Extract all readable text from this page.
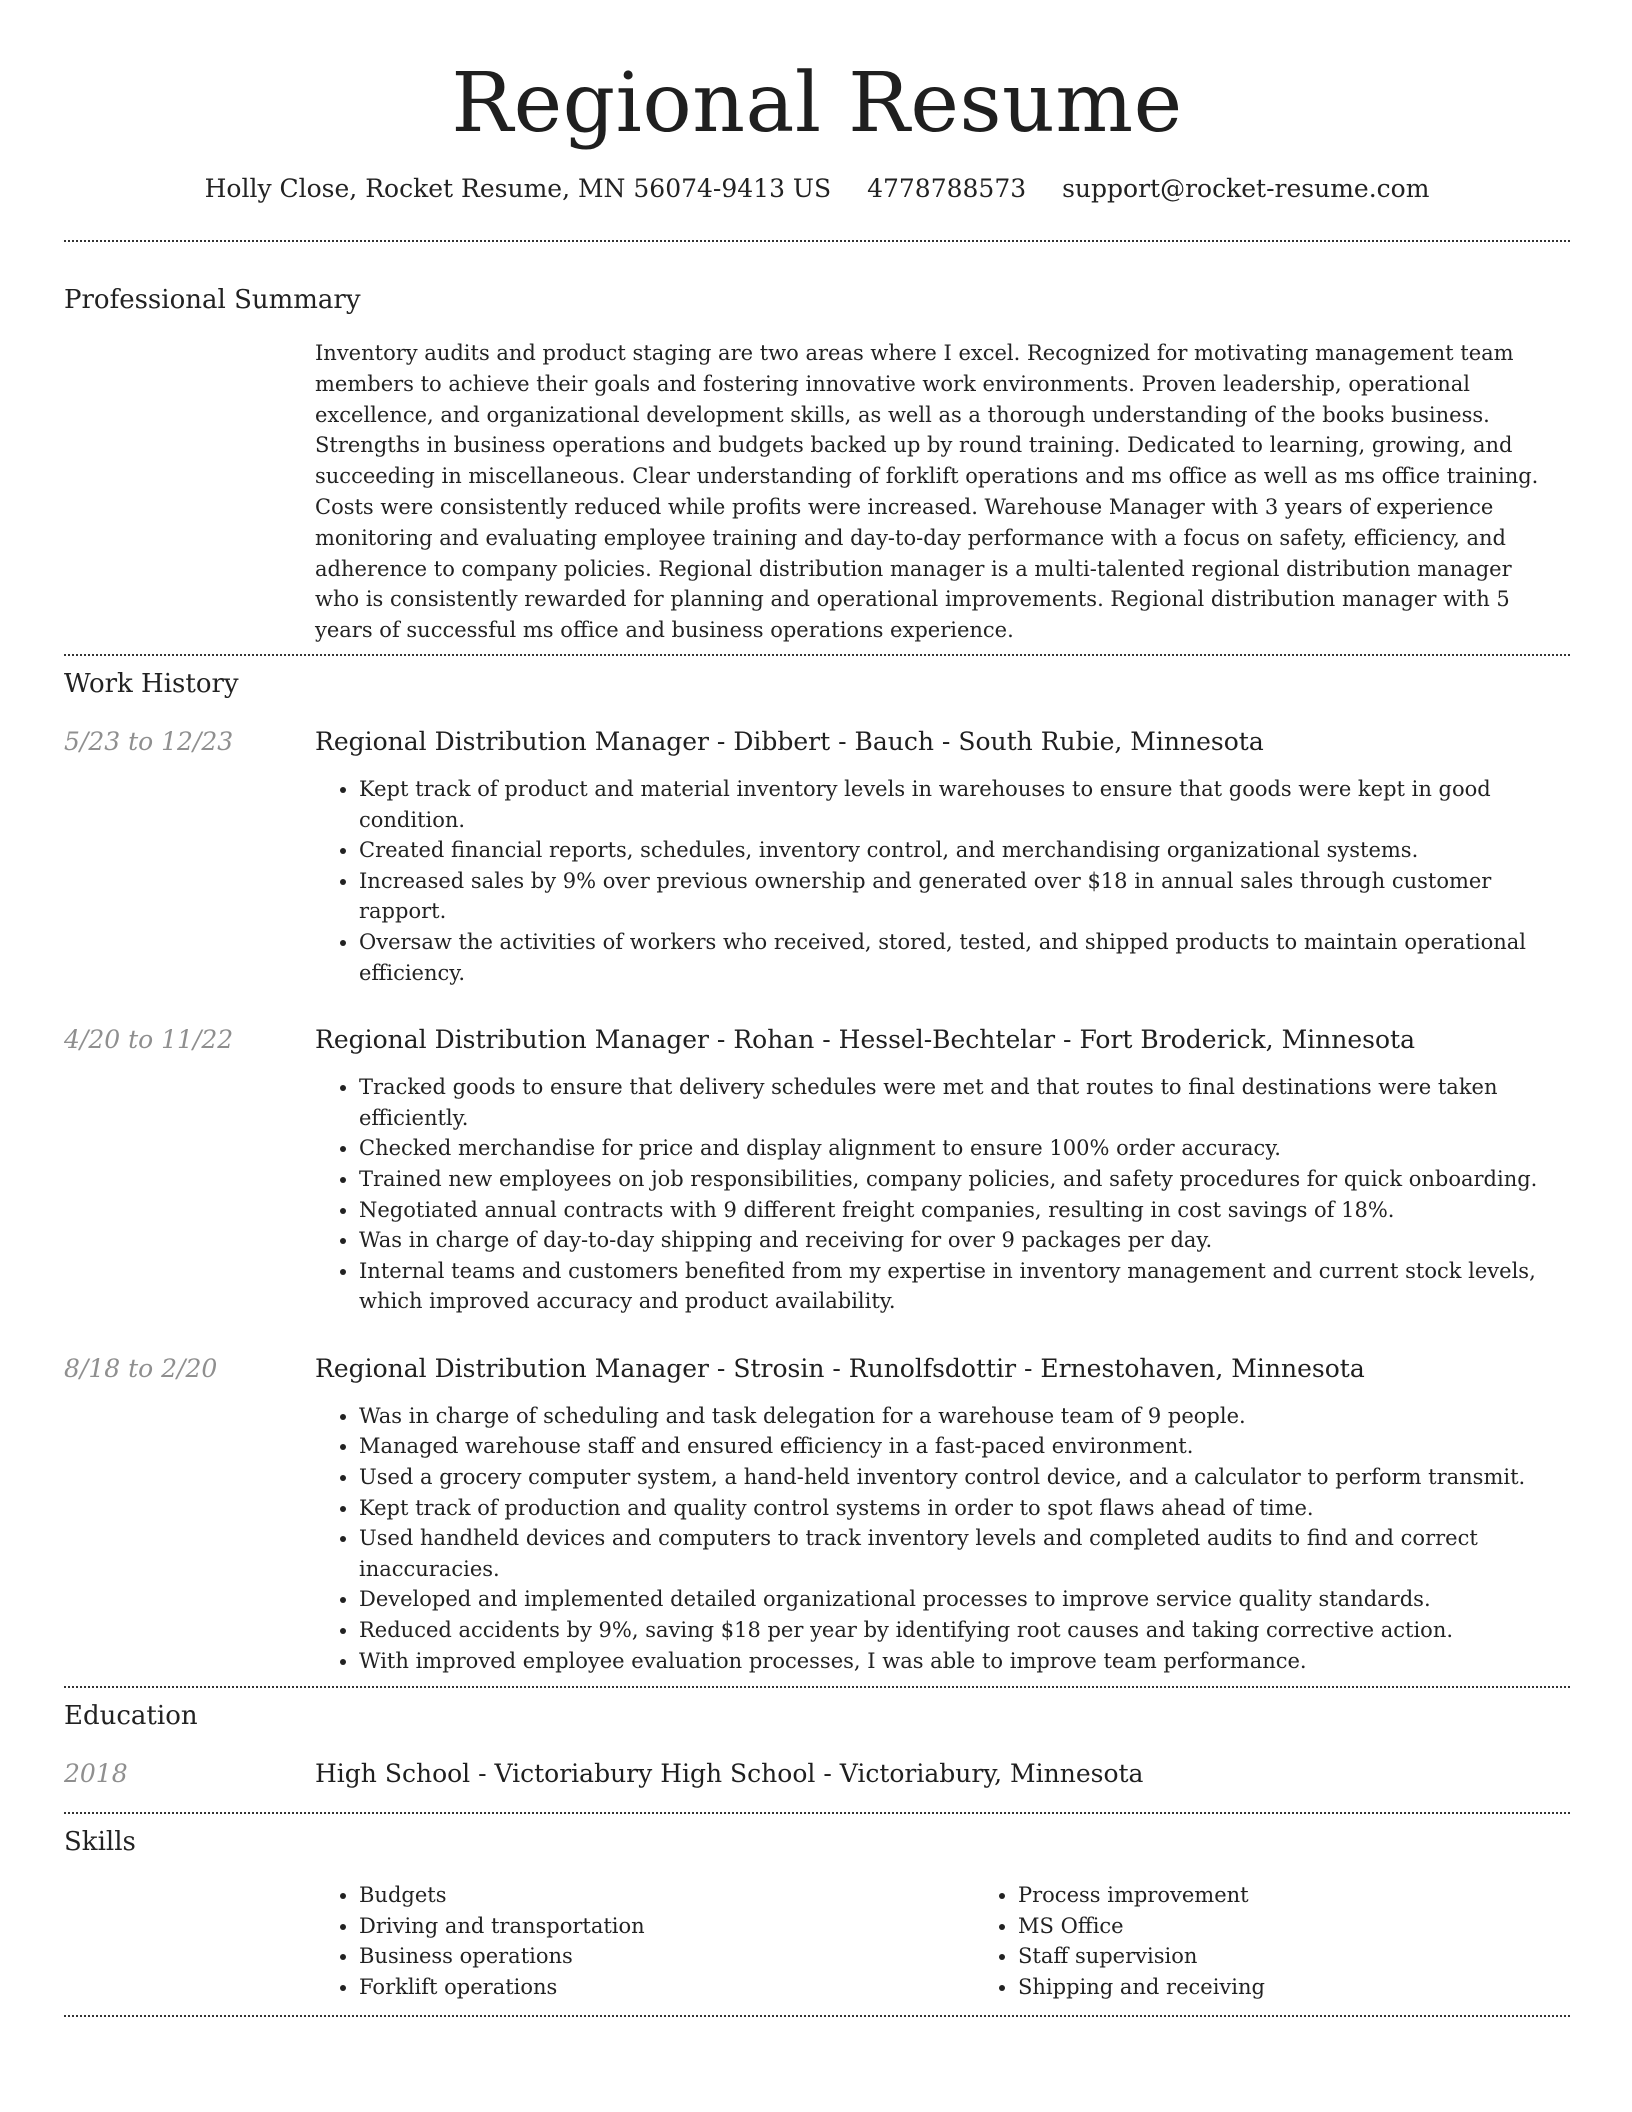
Regional Resume
Holly Close, Rocket Resume, MN 56074-9413 US 4778788573 support@rocket-resume.com
Professional Summary

Inventory audits and product staging are two areas where I excel. Recognized for motivating management team members to achieve their goals and fostering innovative work environments. Proven leadership, operational excellence, and organizational development skills, as well as a thorough understanding of the books business. Strengths in business operations and budgets backed up by round training. Dedicated to learning, growing, and succeeding in miscellaneous. Clear understanding of forklift operations and ms office as well as ms office training. Costs were consistently reduced while profits were increased. Warehouse Manager with 3 years of experience monitoring and evaluating employee training and day-to-day performance with a focus on safety, efficiency, and adherence to company policies. Regional distribution manager is a multi-talented regional distribution manager who is consistently rewarded for planning and operational improvements. Regional distribution manager with 5 years of successful ms office and business operations experience.

Work History
5/23 to 12/23	Regional Distribution Manager - Dibbert - Bauch - South Rubie, Minnesota
• Kept track of product and material inventory levels in warehouses to ensure that goods were kept in good condition.
• Created financial reports, schedules, inventory control, and merchandising organizational systems.
• Increased sales by 9% over previous ownership and generated over $18 in annual sales through customer rapport.
• Oversaw the activities of workers who received, stored, tested, and shipped products to maintain operational efficiency.
4/20 to 11/22	Regional Distribution Manager - Rohan - Hessel-Bechtelar - Fort Broderick, Minnesota
• Tracked goods to ensure that delivery schedules were met and that routes to final destinations were taken efficiently.
• Checked merchandise for price and display alignment to ensure 100% order accuracy.
• Trained new employees on job responsibilities, company policies, and safety procedures for quick onboarding.
• Negotiated annual contracts with 9 different freight companies, resulting in cost savings of 18%.
• Was in charge of day-to-day shipping and receiving for over 9 packages per day.
• Internal teams and customers benefited from my expertise in inventory management and current stock levels, which improved accuracy and product availability.
8/18 to 2/20	Regional Distribution Manager - Strosin - Runolfsdottir - Ernestohaven, Minnesota
• Was in charge of scheduling and task delegation for a warehouse team of 9 people.
• Managed warehouse staff and ensured efficiency in a fast-paced environment.
• Used a grocery computer system, a hand-held inventory control device, and a calculator to perform transmit.
• Kept track of production and quality control systems in order to spot flaws ahead of time.
• Used handheld devices and computers to track inventory levels and completed audits to find and correct inaccuracies.
• Developed and implemented detailed organizational processes to improve service quality standards.
• Reduced accidents by 9%, saving $18 per year by identifying root causes and taking corrective action.
• With improved employee evaluation processes, I was able to improve team performance.
Education
2018	High School - Victoriabury High School - Victoriabury, Minnesota
Skills
• Budgets
• Driving and transportation
• Business operations
• Forklift operations
• Process improvement
• MS Office
• Staff supervision
• Shipping and receiving
